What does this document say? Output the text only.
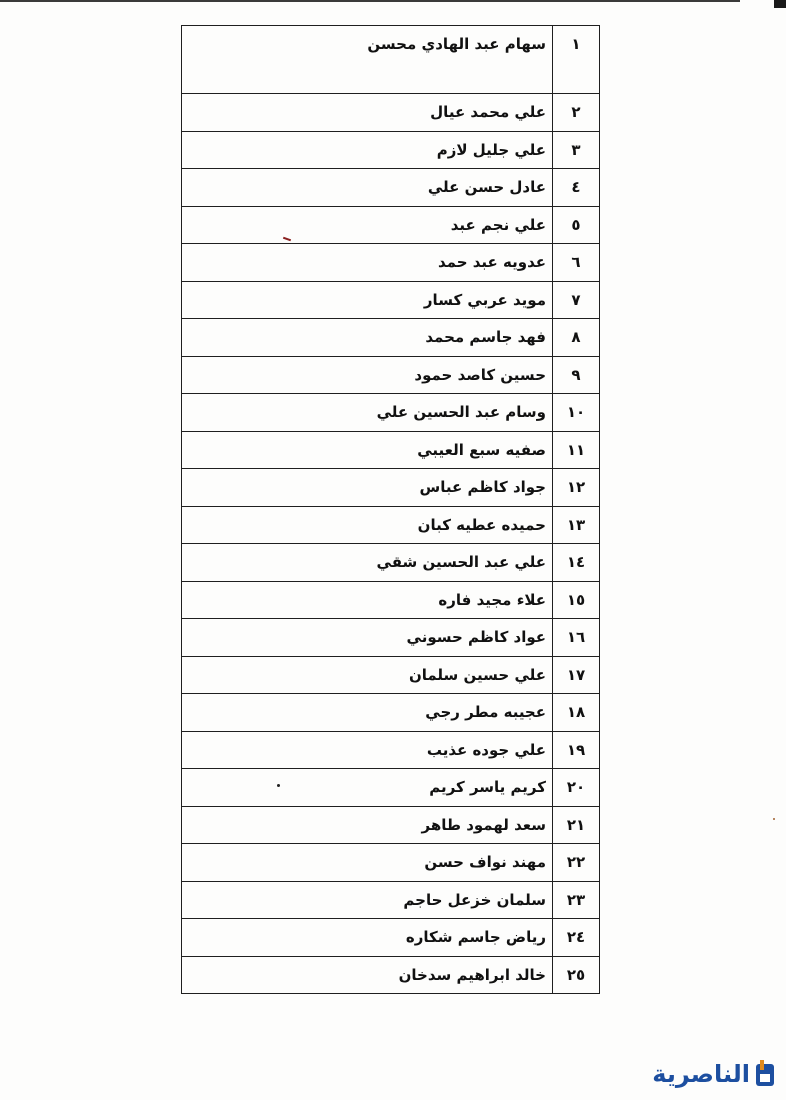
١	سهام عبد الهادي محسن
٢	علي محمد عيال
٣	علي جليل لازم
٤	عادل حسن علي
٥	علي نجم عبد
٦	عدويه عبد حمد
٧	مويد عربي كسار
٨	فهد جاسم محمد
٩	حسين كاصد حمود
١٠	وسام عبد الحسين علي
١١	صفيه سبع العيبي
١٢	جواد كاظم عباس
١٣	حميده عطيه كبان
١٤	علي عبد الحسين شقي
١٥	علاء مجيد فاره
١٦	عواد كاظم حسوني
١٧	علي حسين سلمان
١٨	عجيبه مطر رجي
١٩	علي جوده عذيب
٢٠	كريم ياسر كريم
٢١	سعد لهمود طاهر
٢٢	مهند نواف حسن
٢٣	سلمان خزعل حاجم
٢٤	رياض جاسم شكاره
٢٥	خالد ابراهيم سدخان
الناصرية
